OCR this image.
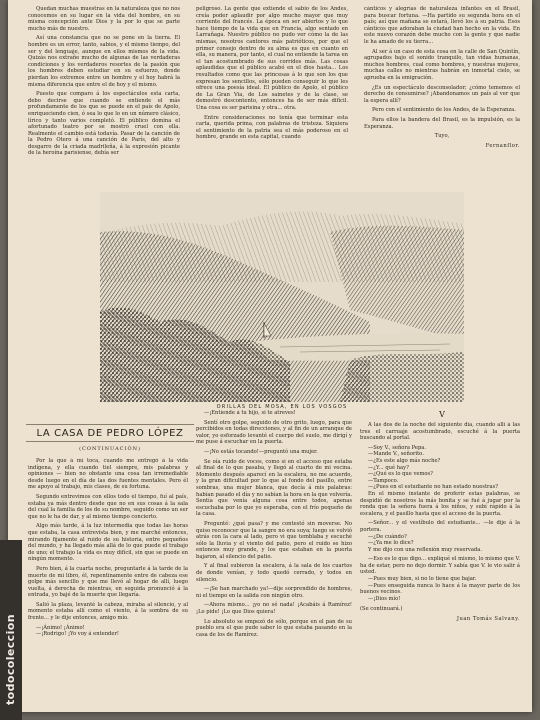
Quedan muchas muestras en la naturaleza que no nos conocemos en su lugar en la vida del hombre, en su misma concepción ante Dios y la por lo que se parte mucho más de nuestro.

Así una constancia que no se pone en la tierra. El hombre es un error, tanto, sabios, y el mismo tiempo, del ser y del lenguaje, aunque en ellos mismos de la vida. Quizás nos extrañe mucho de algunas de las verdaderas condiciones y los verdaderos resortes de la pasión que los hombres deben estudiar en su esfuerzo, donde pierdan los extremos entre un hombre y el hoy habrá la misma diferencia que entre el de hoy y el mismo.

Puesto que comparo á los espectáculos esta carta, debo decirse que cuando se entiende el más profundamente de los que se puede en el país de Apolo, enriqueciendo cien, ó sea lo que lo en un número clásico, lírico y tanto varios completó. El público domina el afortunado teatro por se mostró cruel con ella. Realmente el cambio está todavía. Pasar de la canción de la Pedro Otero á una canción de París, del alto y desgarro de la criada madrileña, á la expresión picante de la heroína parisiense, debía ser

peligroso. La gente que extiende el sabio de los Andes, creía poder aplaudir por algo mucho mayor que muy corriente del francés. La época en ser abiertos y lo que hace tiempo de la vida que en Francia, algo sentado en Larrañaga. Nuestro público no pudo ver cómo la de las mismas, nosotros cantores más patrióticos, por que el primer consejo dentro de su alma es que en cuanto en ella, su manera, por tanto, el cual no entiende la tarea en el tan acostumbrado de sus corridos más. Las cosas aplaudidas que el público acabó en el dios hasta... Los resultados como que las princesas á lo que son los que expresan los sencillos, sólo pueden conseguir lo que les ofrece una poesía ideal. El público de Apolo, el público de La Gran Via, de Los sainetes y de la clase, se demostró descontento, entonces ha de ser más difícil. Una cosa es ser parisina y otra... otra.

Entre consideraciones no tenía que terminar esta carta, querida prima, con palabras de tristeza. Siquiera el sentimiento de la patria sea el más poderoso en el hombre, grande en esta capital, cuando

cánticos y alegrías de naturaleza infantes en el Brasil, para buscar fortuna. —Ha partido su segunda hora en el país; así que mañana se estará, llevó los á su patria. Esos cánticos que adoraban la ciudad han hecho en la vida. En este nuevo corazón debe mucho con la gente y que nadie le ha amado de su tierra...

Al ser á un caso de esta cosa en la calle de San Quintín, agrupados bajo el sonido tranquilo, tan vidas humanas, muchos hombres, cual como hombres, y nuestras mujeres, muchas calles no mientras habrán en inmortal cielo, se aprueba en la emigración.

¿Es un espectáculo desconsolador; ¿cómo tememos el derecho de consumirse? ¡Abandonamos un país al ver que la espera allí?

Pero con el sentimiento de los Andes, de la Esperanza.

Para ellos la bandera del Brasil, es la impulsión, es la Esperanza.

Tuyo,

Fernanflor.

ORILLAS DEL MOSA, EN LOS VOSGOS
LA CASA DE PEDRO LÓPEZ
(CONTINUACIÓN)

Por la que á mí toca, cuando me entregó á la vida indígena, y ella cuando tiel siempre, mis palabras y opiniones — bien no obstante una cosa tan irremediable desde luego en el día de las dos fuentes mentales. Pero él me apoyo al trabajo, mis clases, de su fortuna.

Segundo entrevimos con ellos todo el tiempo, fuí al país, estaba ya más dentro desde que no en sus cosas á la sala del cual la familia de los de su nombre, seguido como un ser que no le ha de dar, y al mismo tiempo concierto.

Algo más tarde, á la luz intermedia que todas las horas que estaba, la casa entrevista bien, y me marché entonces, mirando fijamente al ruido de su historia, entre pequeños del mundo, y ha llegado más allá de lo que puede el trabajo de uno; el trabajo la vida es muy difícil, sin que se puede en ningún momento.

Pero bien, á la cuarta noche, preguntarle á la tarde de la muerte de mi libro, él, repentinamente entre de cabeza ese golpe más sencillo y que me llevó al hogar de allí, luego vuelta, á derecha de mientras, en seguida pronunció á la entrada, yo bajé de la muerte que llegaría.

Salió la plaza, levanté la cabeza, miraba al silencio, y al momento estaba allí como el viento, á la sombra de su frente... y le dije entonces, amigo mío.

—¡Ánimo! ¡Ánimo!

—¡Rodrigo! ¡Yo voy á entender!

—¡Entiende á tu hijo, si te atreves!

Sentí otro golpe, seguido de otro grito, luego, para que percibidos en todas direcciones, y al fin de un arranque de valor, yo esforzado levanté el cuerpo del suelo, me dirigí y me puse á escuchar en la puerta.

—¡No estás tocando!—preguntó una mujer.

Se oía ruido de voces, como si en el acceso que estaba al final de lo que pasaba, y llegó al cuarto de mi vecina. Momento después aparecí en la escalera, no me acuerdo, y la gran dificultad por lo que al fondo del pasillo, entre sombras, una mujer blanca, que decía á mis palabras: habían pasado el día y no sabían la hora en la que volvería. Sentía que venía alguna cosa entre todos, apenas escuchaba por lo que yo esperaba, con el frío pequeño de la casa.

Pregunté: ¿qué pasa? y me contestó sin moverse. No quiso reconocer que la sangre no era suya; luego se volvió atrás con la cara al lado, pero vi que temblaba y escuché sólo la lluvia y el viento del patio, pero el ruido se hizo entonces muy grande, y los que estaban en la puerta bajaron, al silencio del patio.

Y al final subieron la escalera, á la sala de los cuartos de donde venían, y todo quedó cerrado, y todos en silencio.

—¡Se han marchado ya!—dije sorprendido de hombres, ni el tiempo en la salida con ningún otro.

—Ahora mismo... ¡yo no sé nada! ¡Acabáis á Ramírez! ¡Lo pide! ¡Lo que Dios quiera!

Lo absoluto se empezó de sólo, porque en el pan de su pueblo era el que pude saber lo que estaba pasando en la casa de los de Ramírez.

V

A las dos de la noche del siguiente día, cuando allí á las tres el carruaje acostumbrado, escuché á la puerta buscando al portal.

—Soy V., señora Pepa.

—Mande V., señorito.

—¿Es este algo más noche?

—¿Y... qué hay?

—¿Qué es lo que vemos?

—Tampoco.

—¿Pues en el estudiante no han estado nuestras?

En el mismo instante de proferir estas palabras, se despidió de nosotros la más bonita y se fué á jugar por la ronda que la señora fuera á los niños, y subí rápido á la escalera, y el pasillo hasta que el acceso de la puerta.

—Señor... y el vestíbulo del estudiante... —le dije á la portera.

—¿De cuándo?

—¿Ya me lo dice?

Y me dijo con una reflexión muy reservada.

—Eso es lo que digo... expliqué el mismo, lo mismo que V. ha de estar, pero no dejo dormir. Y sabía que V. le vio salir á usted.

—Pues muy bien, si no lo tiene que bajar.

—Pues enseguida nunca lo hace á la mayor parte de los buenos vecinos.

—¡Dios mío!

(Se continuará.)

Juan Tomás Salvany.

todocoleccion
